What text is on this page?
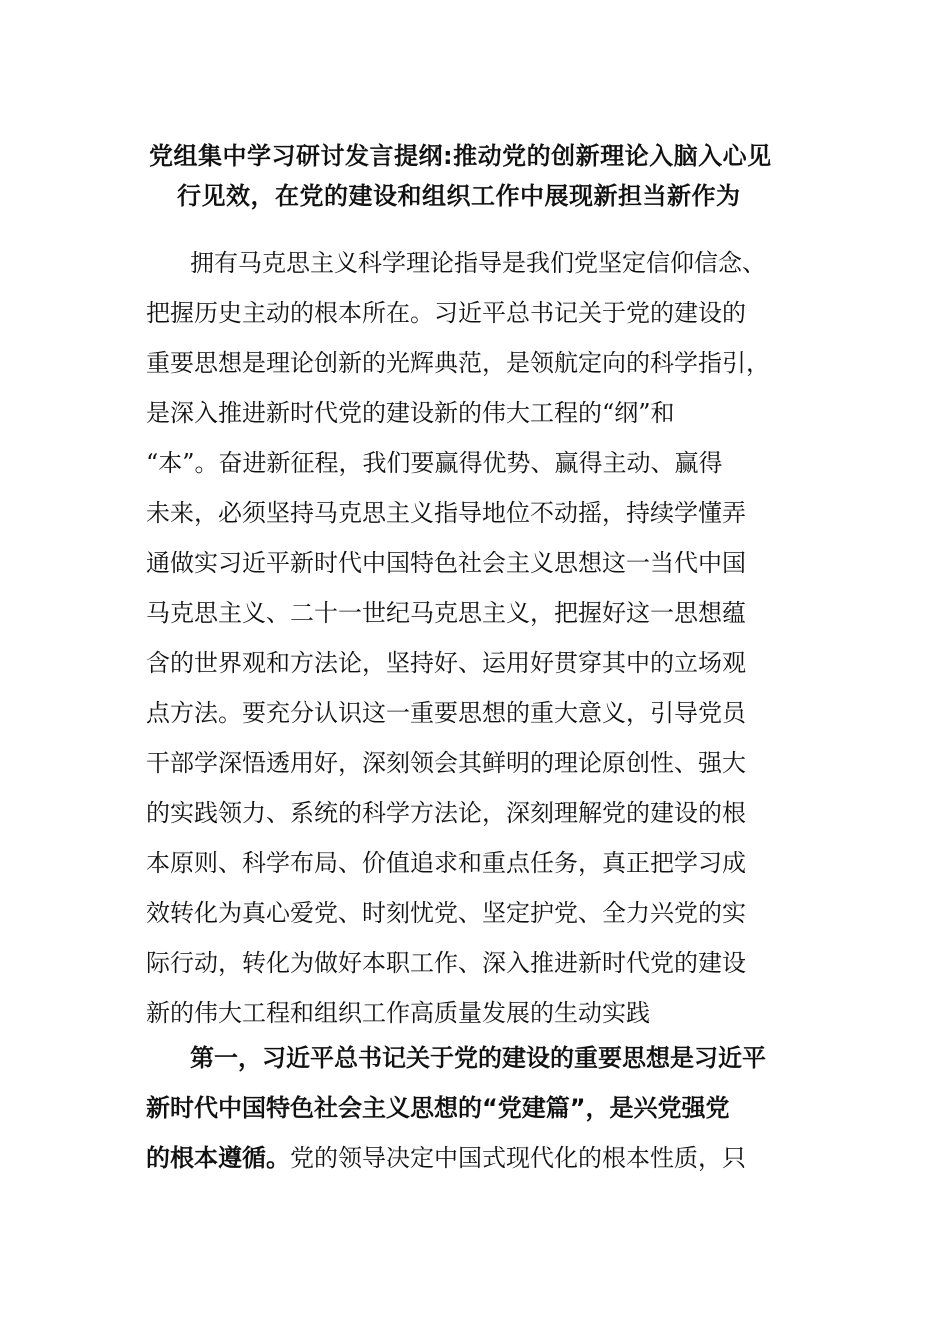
党组集中学习研讨发言提纲:推动党的创新理论入脑入心见
行见效，在党的建设和组织工作中展现新担当新作为
拥有马克思主义科学理论指导是我们党坚定信仰信念、
把握历史主动的根本所在。习近平总书记关于党的建设的
重要思想是理论创新的光辉典范，是领航定向的科学指引，
是深入推进新时代党的建设新的伟大工程的“纲”和
“本”。奋进新征程，我们要赢得优势、赢得主动、赢得
未来，必须坚持马克思主义指导地位不动摇，持续学懂弄
通做实习近平新时代中国特色社会主义思想这一当代中国
马克思主义、二十一世纪马克思主义，把握好这一思想蕴
含的世界观和方法论，坚持好、运用好贯穿其中的立场观
点方法。要充分认识这一重要思想的重大意义，引导党员
干部学深悟透用好，深刻领会其鲜明的理论原创性、强大
的实践领力、系统的科学方法论，深刻理解党的建设的根
本原则、科学布局、价值追求和重点任务，真正把学习成
效转化为真心爱党、时刻忧党、坚定护党、全力兴党的实
际行动，转化为做好本职工作、深入推进新时代党的建设
新的伟大工程和组织工作高质量发展的生动实践
第一，习近平总书记关于党的建设的重要思想是习近平
新时代中国特色社会主义思想的“党建篇”，是兴党强党
的根本遵循。党的领导决定中国式现代化的根本性质，只
